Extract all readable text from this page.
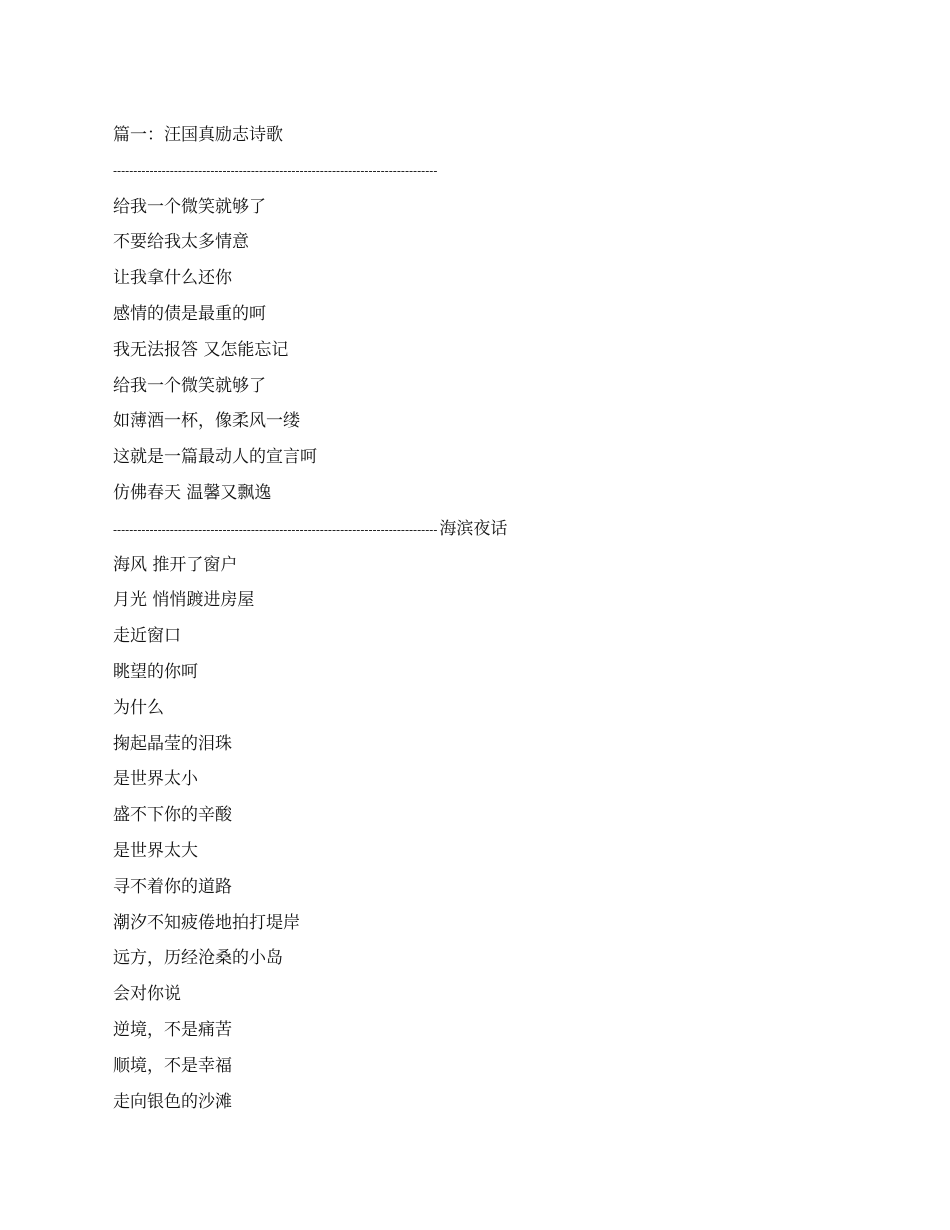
篇一：汪国真励志诗歌
--------------------------------------------------------------------------------
给我一个微笑就够了
不要给我太多情意
让我拿什么还你
感情的债是最重的呵
我无法报答 又怎能忘记
给我一个微笑就够了
如薄酒一杯，像柔风一缕
这就是一篇最动人的宣言呵
仿佛春天 温馨又飘逸
-------------------------------------------------------------------------------- 海滨夜话
海风 推开了窗户
月光 悄悄踱进房屋
走近窗口
眺望的你呵
为什么
掬起晶莹的泪珠
是世界太小
盛不下你的辛酸
是世界太大
寻不着你的道路
潮汐不知疲倦地拍打堤岸
远方，历经沧桑的小岛
会对你说
逆境，不是痛苦
顺境，不是幸福
走向银色的沙滩
